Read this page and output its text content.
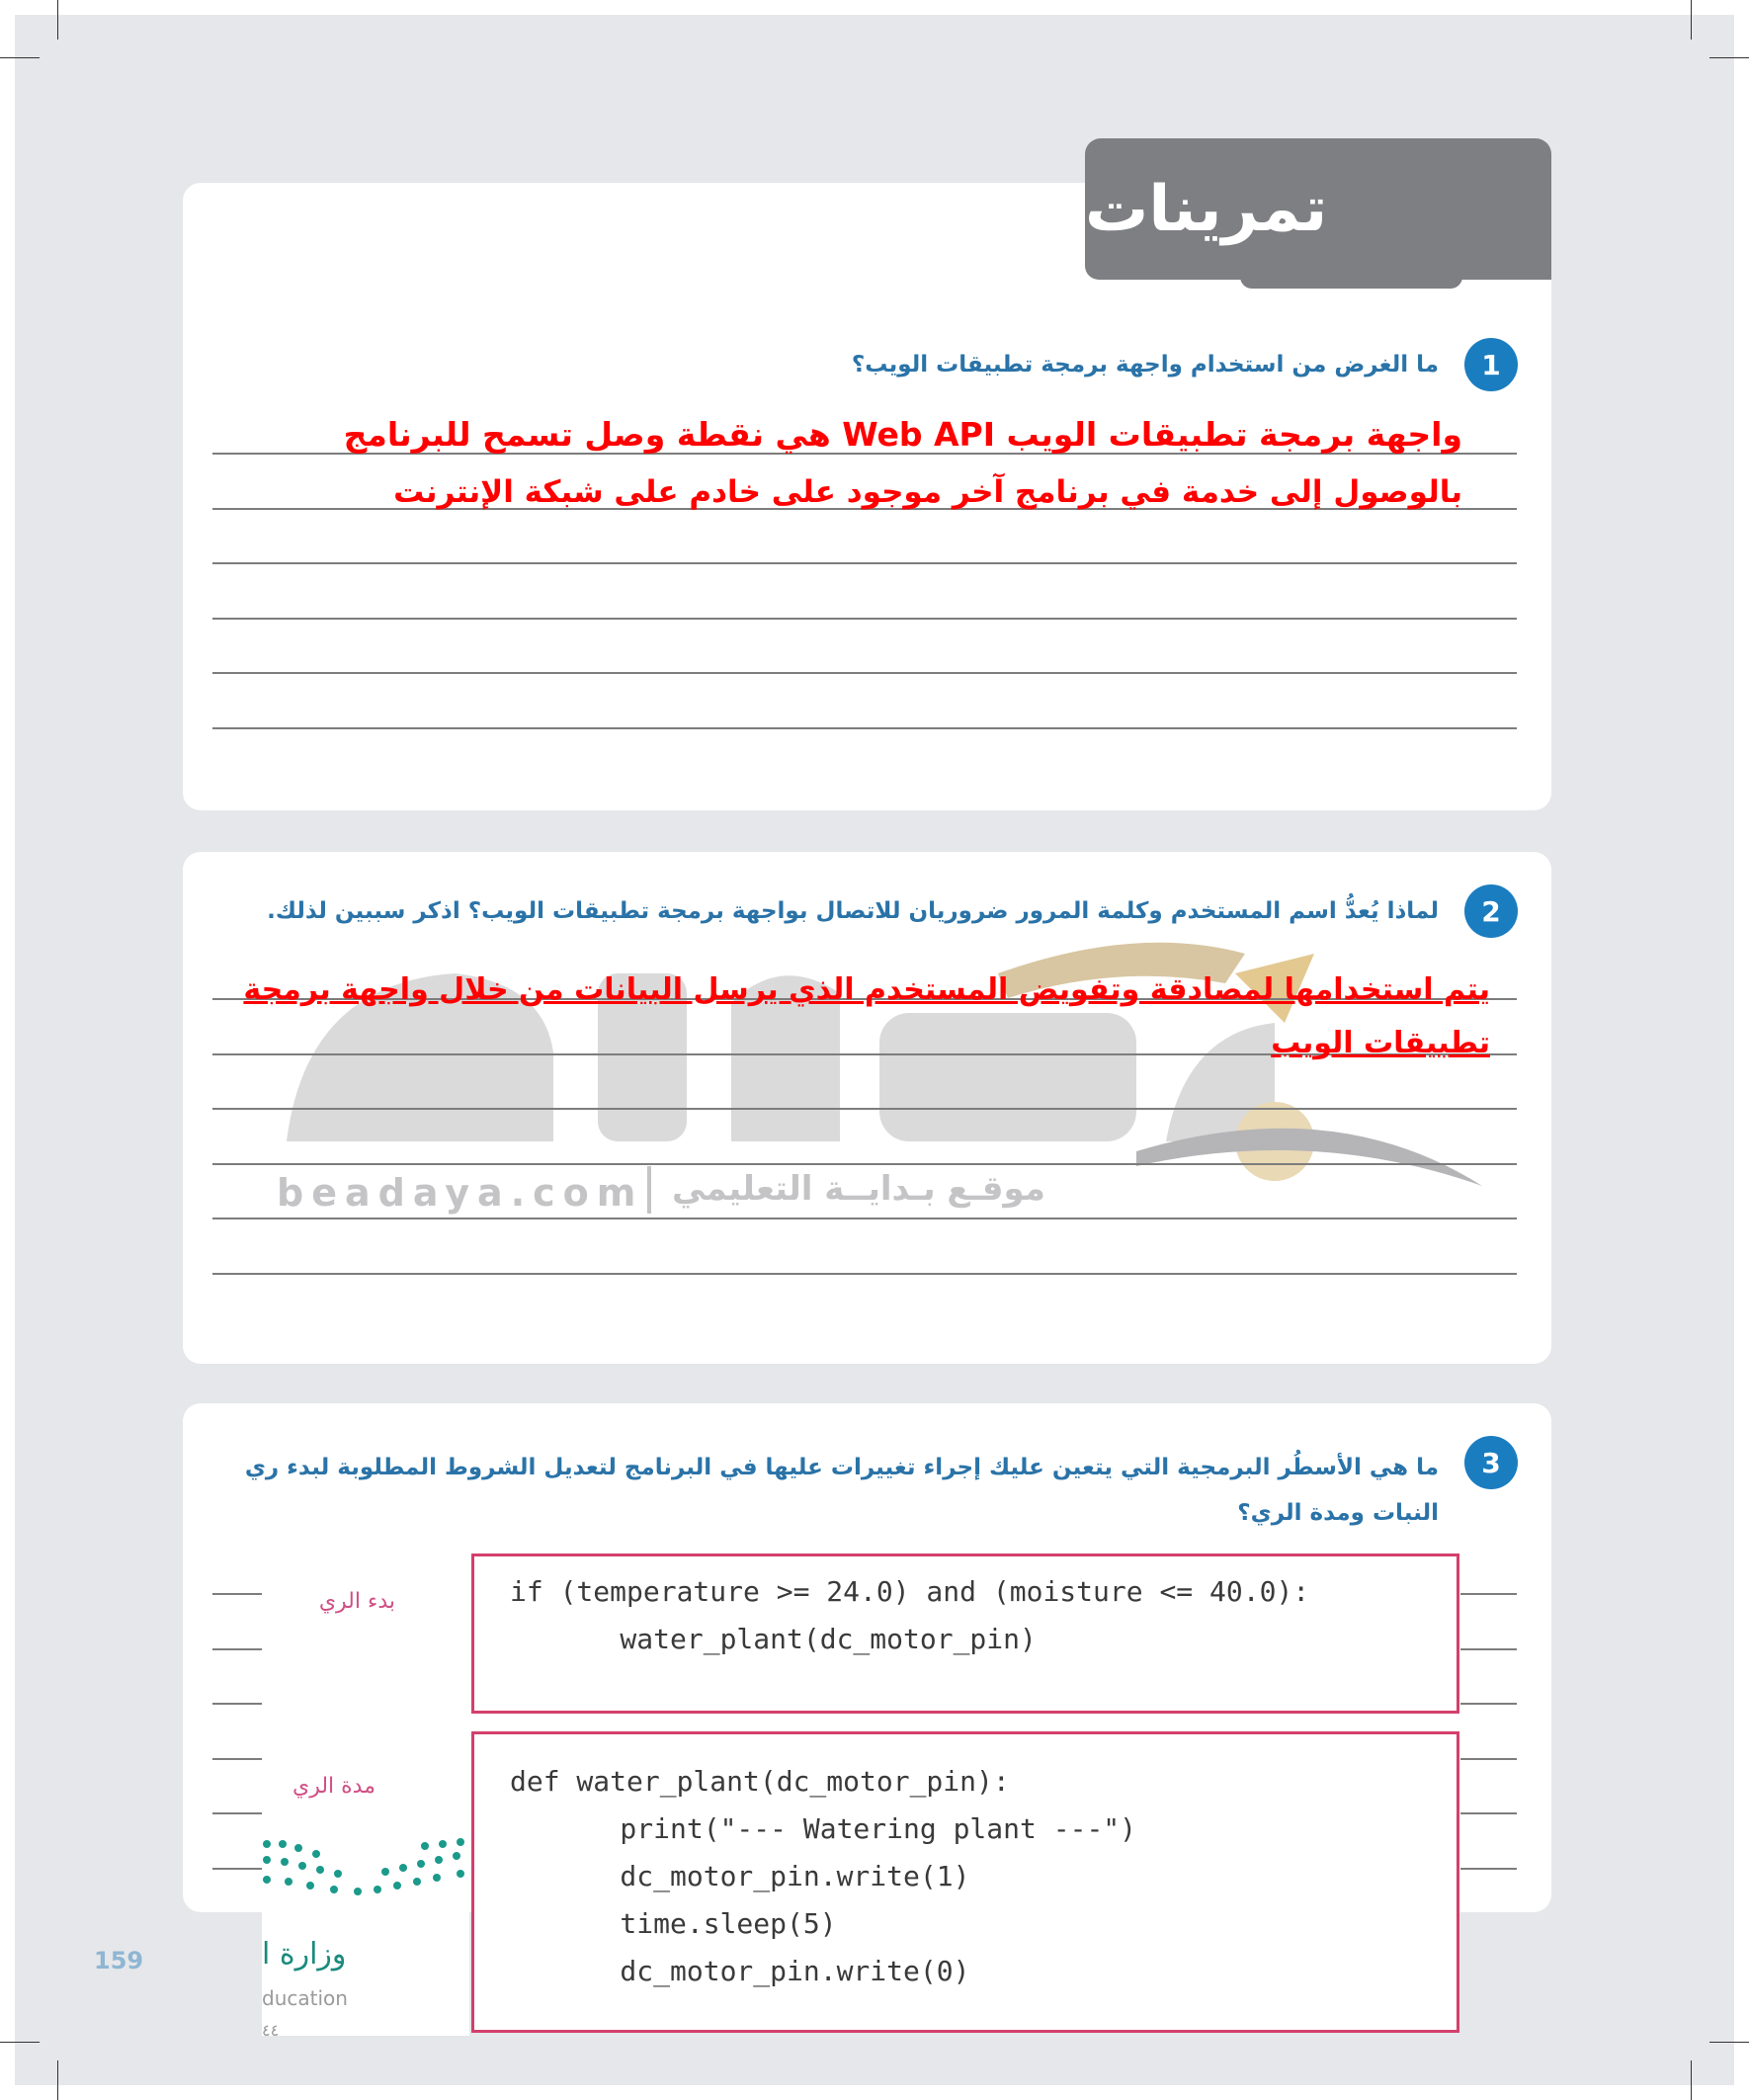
تمرينات
1
ما الغرض من استخدام واجهة برمجة تطبيقات الويب؟
واجهة برمجة تطبيقات الويب Web API هي نقطة وصل تسمح للبرنامج
بالوصول إلى خدمة في برنامج آخر موجود على خادم على شبكة الإنترنت
beadaya.com موقـع بـدايــة التعليمي
2
لماذا يُعدُّ اسم المستخدم وكلمة المرور ضروريان للاتصال بواجهة برمجة تطبيقات الويب؟ اذكر سببين لذلك.
يتم استخدامها لمصادقة وتفويض المستخدم الذي يرسل البيانات من خلال واجهة برمجة
تطبيقات الويب
3
ما هي الأسطُر البرمجية التي يتعين عليك إجراء تغييرات عليها في البرنامج لتعديل الشروط المطلوبة لبدء ري
النبات ومدة الري؟
بدء الري
مدة الري
وزارة ا
ducation
٤٤
if (temperature >= 24.0) and (moisture <= 40.0):
water_plant(dc_motor_pin)
def water_plant(dc_motor_pin):
print("--- Watering plant ---")
dc_motor_pin.write(1)
time.sleep(5)
dc_motor_pin.write(0)
159
